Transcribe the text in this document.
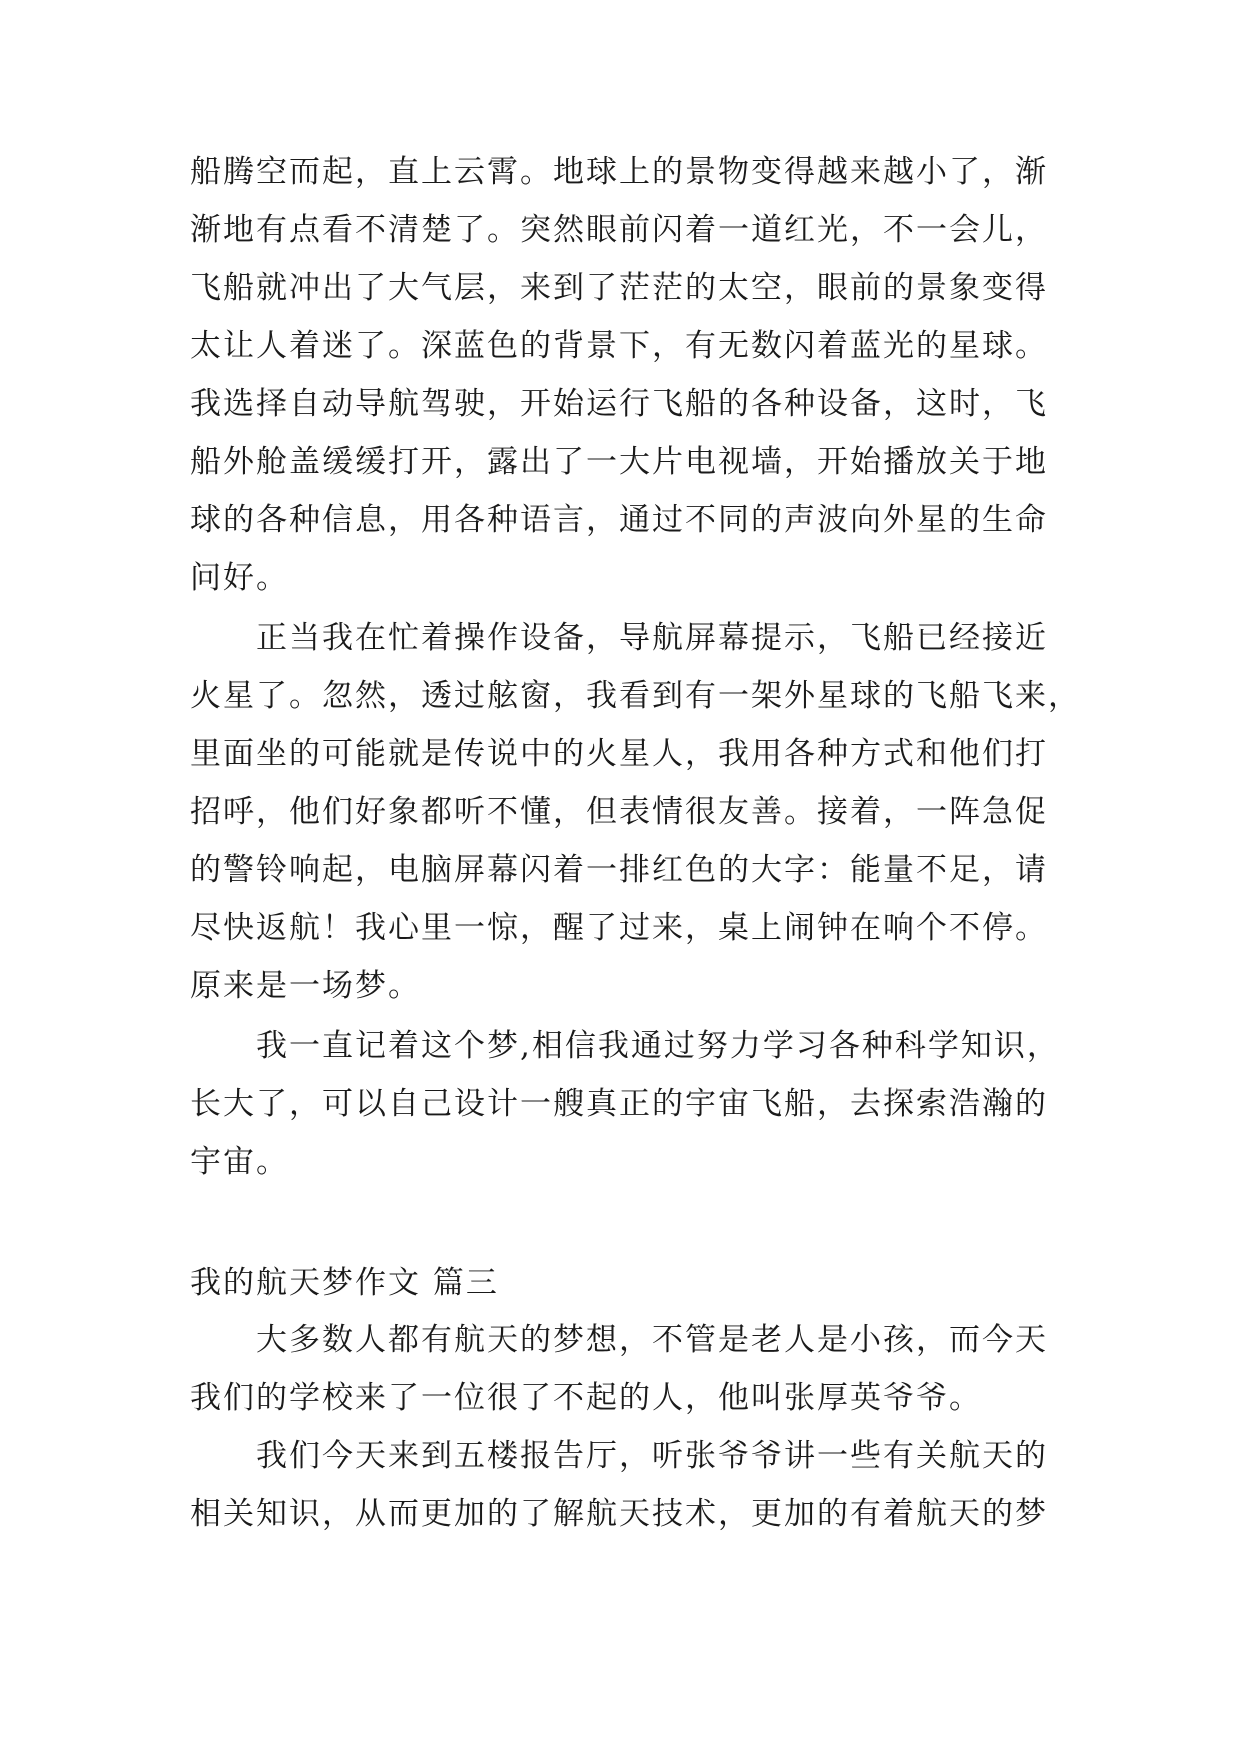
船腾空而起，直上云霄。地球上的景物变得越来越小了，渐
渐地有点看不清楚了。突然眼前闪着一道红光，不一会儿，
飞船就冲出了大气层，来到了茫茫的太空，眼前的景象变得
太让人着迷了。深蓝色的背景下，有无数闪着蓝光的星球。
我选择自动导航驾驶，开始运行飞船的各种设备，这时，飞
船外舱盖缓缓打开，露出了一大片电视墙，开始播放关于地
球的各种信息，用各种语言，通过不同的声波向外星的生命
问好。
正当我在忙着操作设备，导航屏幕提示，飞船已经接近
火星了。忽然，透过舷窗，我看到有一架外星球的飞船飞来，
里面坐的可能就是传说中的火星人，我用各种方式和他们打
招呼，他们好象都听不懂，但表情很友善。接着，一阵急促
的警铃响起，电脑屏幕闪着一排红色的大字：能量不足，请
尽快返航！我心里一惊，醒了过来，桌上闹钟在响个不停。
原来是一场梦。
我一直记着这个梦,相信我通过努力学习各种科学知识，
长大了，可以自己设计一艘真正的宇宙飞船，去探索浩瀚的
宇宙。
我的航天梦作文 篇三
大多数人都有航天的梦想，不管是老人是小孩，而今天
我们的学校来了一位很了不起的人，他叫张厚英爷爷。
我们今天来到五楼报告厅，听张爷爷讲一些有关航天的
相关知识，从而更加的了解航天技术，更加的有着航天的梦
